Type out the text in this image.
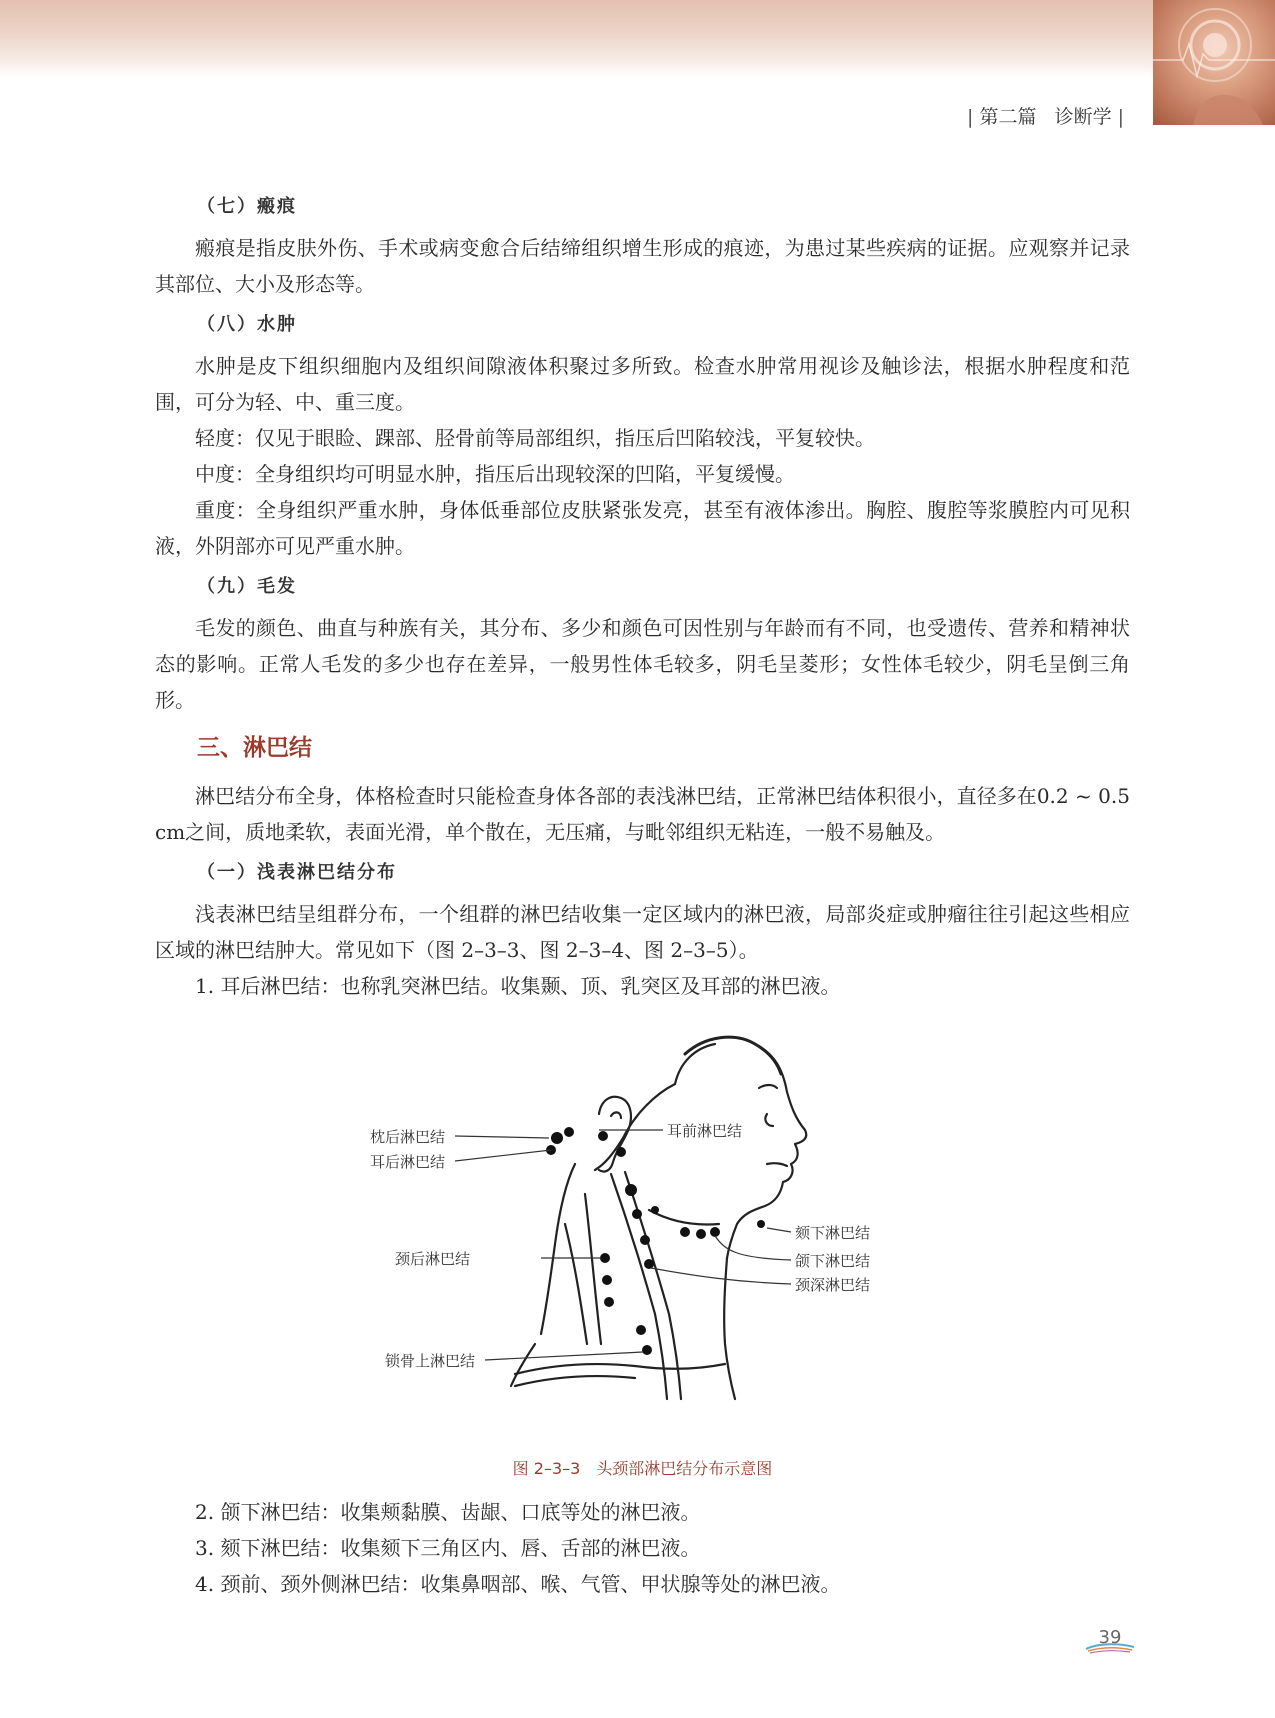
| 第二篇 诊断学 |
（七）瘢痕

瘢痕是指皮肤外伤、手术或病变愈合后结缔组织增生形成的痕迹，为患过某些疾病的证据。应观察并记录其部位、大小及形态等。

（八）水肿

水肿是皮下组织细胞内及组织间隙液体积聚过多所致。检查水肿常用视诊及触诊法，根据水肿程度和范围，可分为轻、中、重三度。

轻度：仅见于眼睑、踝部、胫骨前等局部组织，指压后凹陷较浅，平复较快。

中度：全身组织均可明显水肿，指压后出现较深的凹陷，平复缓慢。

重度：全身组织严重水肿，身体低垂部位皮肤紧张发亮，甚至有液体渗出。胸腔、腹腔等浆膜腔内可见积液，外阴部亦可见严重水肿。

（九）毛发

毛发的颜色、曲直与种族有关，其分布、多少和颜色可因性别与年龄而有不同，也受遗传、营养和精神状态的影响。正常人毛发的多少也存在差异，一般男性体毛较多，阴毛呈菱形；女性体毛较少，阴毛呈倒三角形。

三、淋巴结

淋巴结分布全身，体格检查时只能检查身体各部的表浅淋巴结，正常淋巴结体积很小，直径多在0.2 ~ 0.5 cm之间，质地柔软，表面光滑，单个散在，无压痛，与毗邻组织无粘连，一般不易触及。

（一）浅表淋巴结分布

浅表淋巴结呈组群分布，一个组群的淋巴结收集一定区域内的淋巴液，局部炎症或肿瘤往往引起这些相应区域的淋巴结肿大。常见如下（图 2–3–3、图 2–3–4、图 2–3–5）。

1. 耳后淋巴结：也称乳突淋巴结。收集颞、顶、乳突区及耳部的淋巴液。

枕后淋巴结
耳后淋巴结
耳前淋巴结
颏下淋巴结
颌下淋巴结
颈深淋巴结
颈后淋巴结
锁骨上淋巴结
图 2–3–3　头颈部淋巴结分布示意图

2. 颌下淋巴结：收集颊黏膜、齿龈、口底等处的淋巴液。

3. 颏下淋巴结：收集颏下三角区内、唇、舌部的淋巴液。

4. 颈前、颈外侧淋巴结：收集鼻咽部、喉、气管、甲状腺等处的淋巴液。

39
